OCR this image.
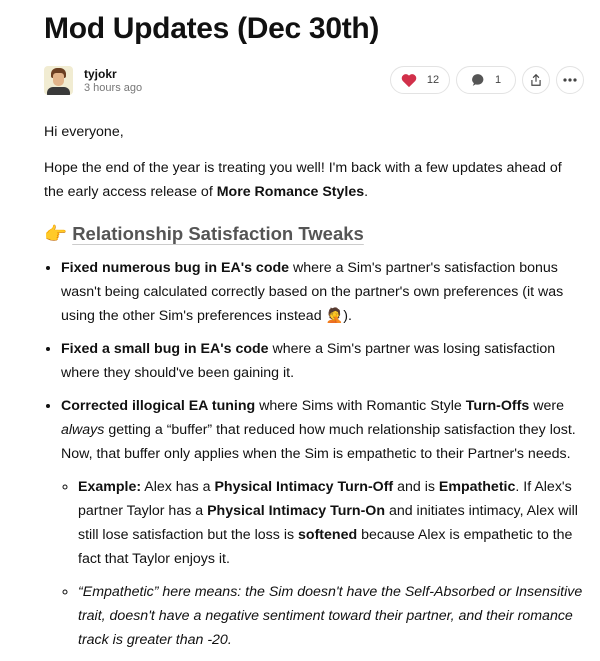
Mod Updates (Dec 30th)
tyjokr
3 hours ago
12	1

Hi everyone,

Hope the end of the year is treating you well! I'm back with a few updates ahead of the early access release of More Romance Styles.

👉 Relationship Satisfaction Tweaks
• Fixed numerous bug in EA's code where a Sim's partner's satisfaction bonus wasn't being calculated correctly based on the partner's own preferences (it was using the other Sim's preferences instead 🤦).
• Fixed a small bug in EA's code where a Sim's partner was losing satisfaction where they should've been gaining it.
• Corrected illogical EA tuning where Sims with Romantic Style Turn-Offs were always getting a “buffer” that reduced how much relationship satisfaction they lost. Now, that buffer only applies when the Sim is empathetic to their Partner's needs.
◦ Example: Alex has a Physical Intimacy Turn-Off and is Empathetic. If Alex's partner Taylor has a Physical Intimacy Turn-On and initiates intimacy, Alex will still lose satisfaction but the loss is softened because Alex is empathetic to the fact that Taylor enjoys it.
◦ “Empathetic” here means: the Sim doesn't have the Self-Absorbed or Insensitive trait, doesn't have a negative sentiment toward their partner, and their romance track is greater than -20.
